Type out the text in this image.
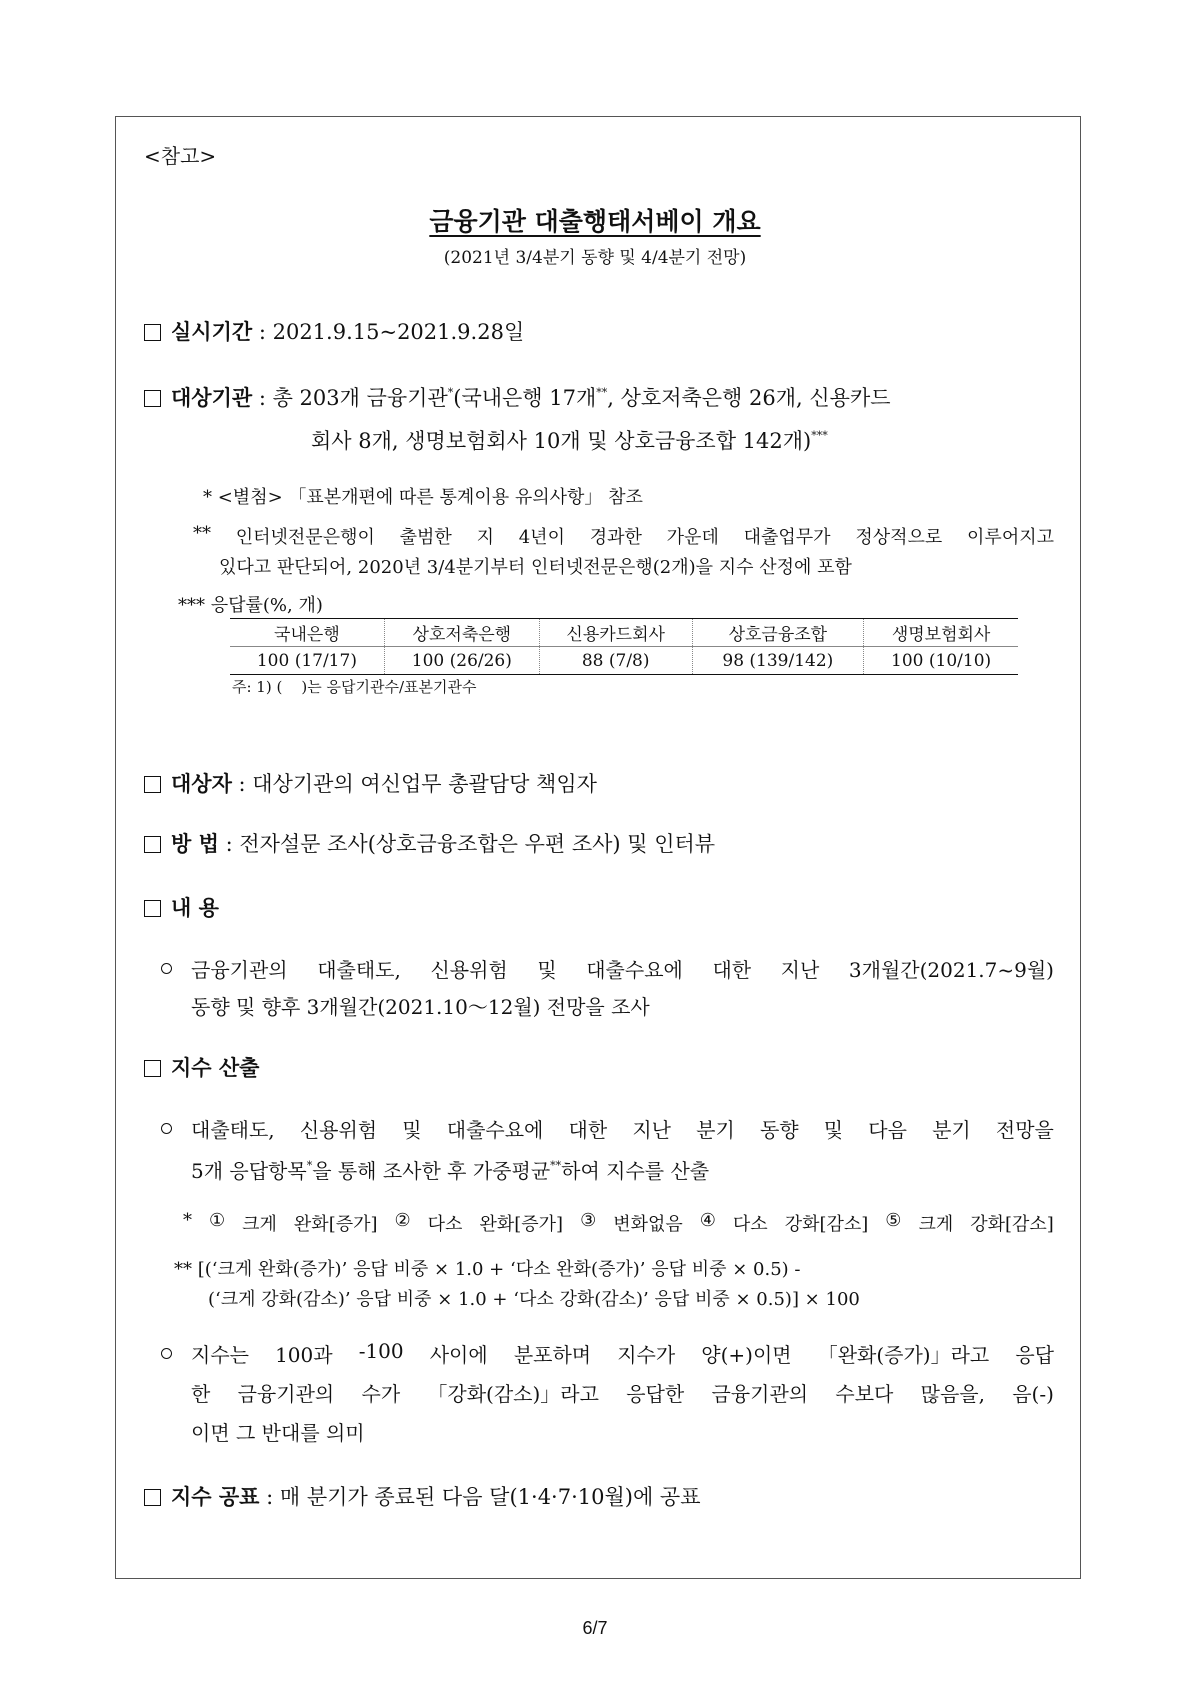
<참고>
금융기관 대출행태서베이 개요
(2021년 3/4분기 동향 및 4/4분기 전망)
실시기간 : 2021.9.15~2021.9.28일
대상기관 : 총 203개 금융기관*(국내은행 17개**, 상호저축은행 26개, 신용카드
회사 8개, 생명보험회사 10개 및 상호금융조합 142개)***
* <별첨> 「표본개편에 따른 통계이용 유의사항」 참조
** 인터넷전문은행이 출범한 지 4년이 경과한 가운데 대출업무가 정상적으로 이루어지고
있다고 판단되어, 2020년 3/4분기부터 인터넷전문은행(2개)을 지수 산정에 포함
*** 응답률(%, 개)
국내은행	상호저축은행	신용카드회사	상호금융조합	생명보험회사
100 (17/17)	100 (26/26)	88 (7/8)	98 (139/142)	100 (10/10)
주: 1) (    )는 응답기관수/표본기관수
대상자 : 대상기관의 여신업무 총괄담당 책임자
방 법 : 전자설문 조사(상호금융조합은 우편 조사) 및 인터뷰
내 용
금융기관의 대출태도, 신용위험 및 대출수요에 대한 지난 3개월간(2021.7~9월)
동향 및 향후 3개월간(2021.10～12월) 전망을 조사
지수 산출
대출태도, 신용위험 및 대출수요에 대한 지난 분기 동향 및 다음 분기 전망을
5개 응답항목*을 통해 조사한 후 가중평균**하여 지수를 산출
* ① 크게 완화[증가] ② 다소 완화[증가] ③ 변화없음 ④ 다소 강화[감소] ⑤ 크게 강화[감소]
** [(‘크게 완화(증가)’ 응답 비중 × 1.0 + ‘다소 완화(증가)’ 응답 비중 × 0.5) -
(‘크게 강화(감소)’ 응답 비중 × 1.0 + ‘다소 강화(감소)’ 응답 비중 × 0.5)] × 100
지수는 100과 -100 사이에 분포하며 지수가 양(+)이면 「완화(증가)」라고 응답
한 금융기관의 수가 「강화(감소)」라고 응답한 금융기관의 수보다 많음을, 음(-)
이면 그 반대를 의미
지수 공표 : 매 분기가 종료된 다음 달(1·4·7·10월)에 공표
6/7
